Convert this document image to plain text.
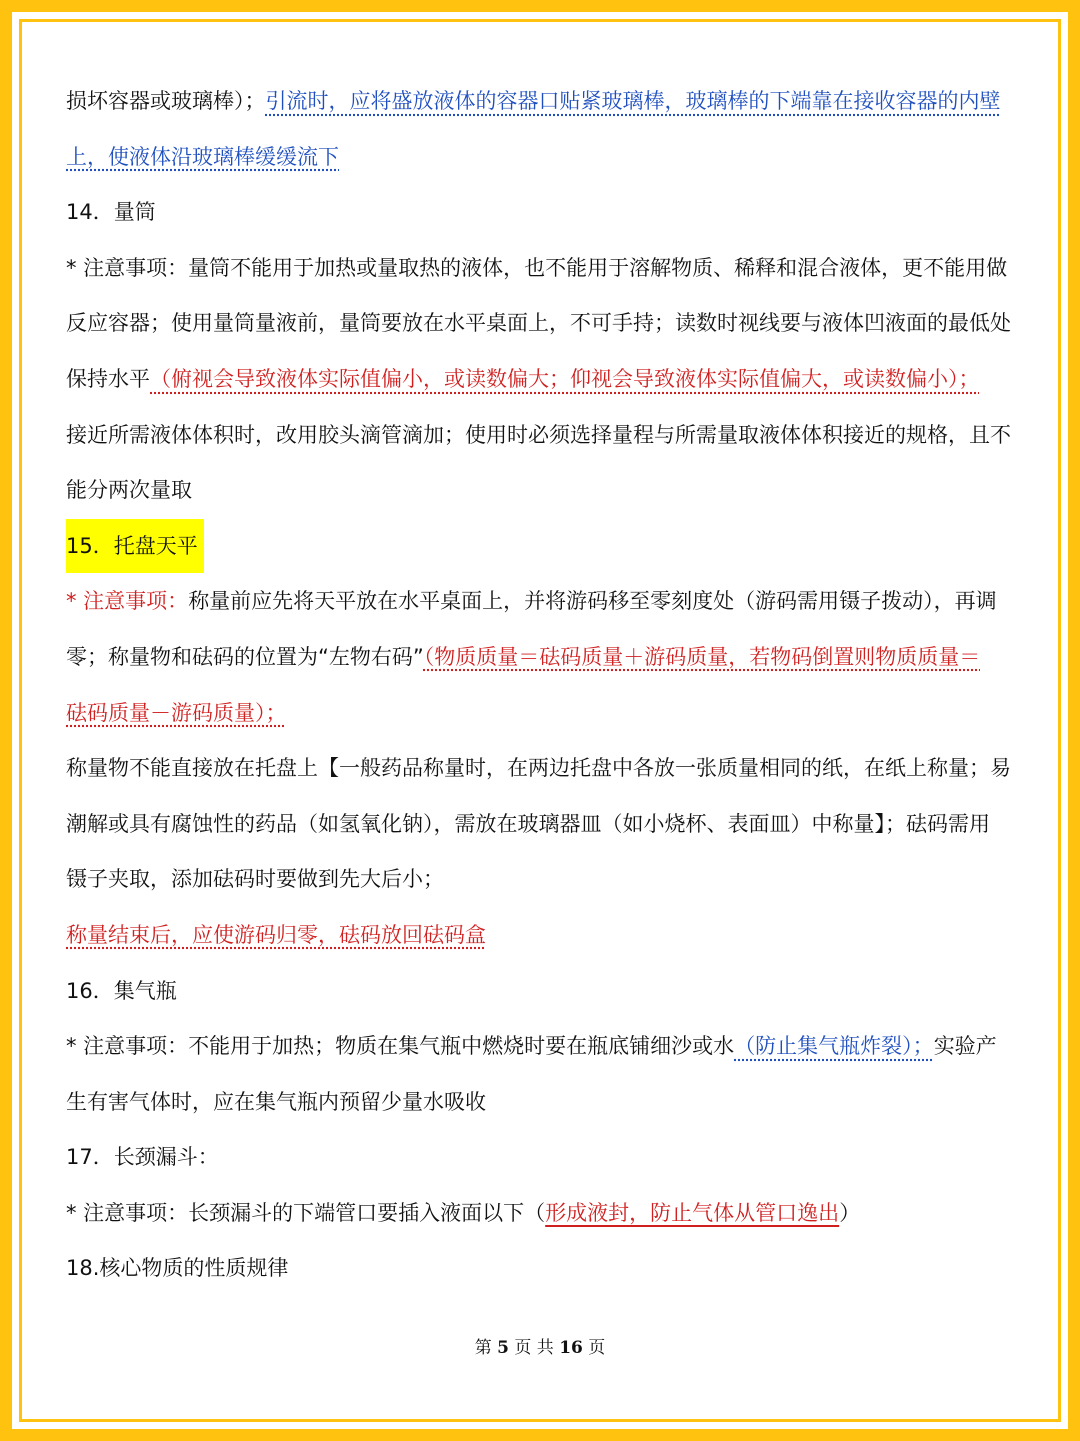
损坏容器或玻璃棒）；引流时，应将盛放液体的容器口贴紧玻璃棒，玻璃棒的下端靠在接收容器的内壁
上，使液体沿玻璃棒缓缓流下
14．量筒
* 注意事项：量筒不能用于加热或量取热的液体，也不能用于溶解物质、稀释和混合液体，更不能用做
反应容器；使用量筒量液前，量筒要放在水平桌面上，不可手持；读数时视线要与液体凹液面的最低处
保持水平（俯视会导致液体实际值偏小，或读数偏大；仰视会导致液体实际值偏大，或读数偏小）；
接近所需液体体积时，改用胶头滴管滴加；使用时必须选择量程与所需量取液体体积接近的规格，且不
能分两次量取
15．托盘天平
* 注意事项：称量前应先将天平放在水平桌面上，并将游码移至零刻度处（游码需用镊子拨动），再调
零；称量物和砝码的位置为“左物右码”（物质质量＝砝码质量＋游码质量，若物码倒置则物质质量＝
砝码质量－游码质量）；
称量物不能直接放在托盘上【一般药品称量时，在两边托盘中各放一张质量相同的纸，在纸上称量；易
潮解或具有腐蚀性的药品（如氢氧化钠），需放在玻璃器皿（如小烧杯、表面皿）中称量】；砝码需用
镊子夹取，添加砝码时要做到先大后小；
称量结束后，应使游码归零，砝码放回砝码盒
16．集气瓶
* 注意事项：不能用于加热；物质在集气瓶中燃烧时要在瓶底铺细沙或水（防止集气瓶炸裂）；实验产
生有害气体时，应在集气瓶内预留少量水吸收
17．长颈漏斗：
* 注意事项：长颈漏斗的下端管口要插入液面以下（形成液封，防止气体从管口逸出）
18.核心物质的性质规律
第 5 页 共 16 页
